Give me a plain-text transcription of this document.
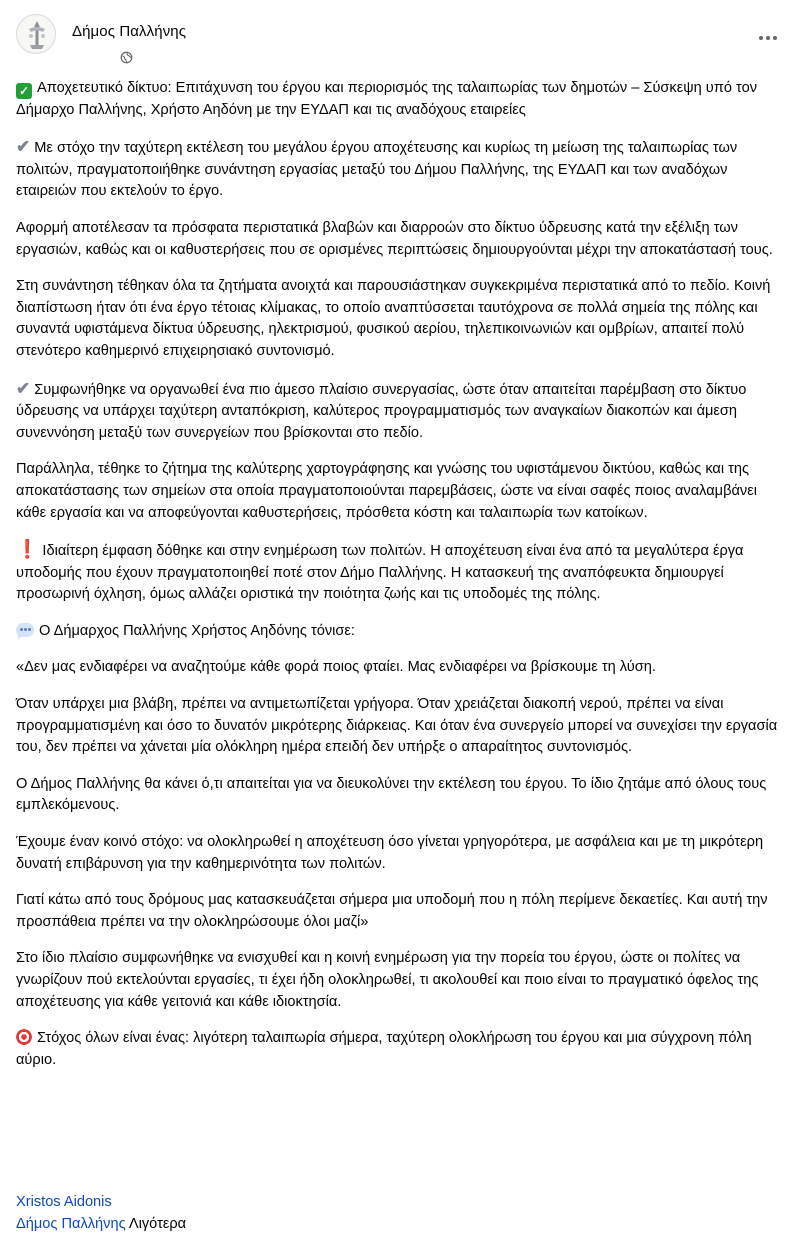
Δήμος Παλλήνης

✓ Αποχετευτικό δίκτυο: Επιτάχυνση του έργου και περιορισμός της ταλαιπωρίας των δημοτών – Σύσκεψη υπό τον Δήμαρχο Παλλήνης, Χρήστο Αηδόνη με την ΕΥΔΑΠ και τις αναδόχους εταιρείες

✔ Με στόχο την ταχύτερη εκτέλεση του μεγάλου έργου αποχέτευσης και κυρίως τη μείωση της ταλαιπωρίας των πολιτών, πραγματοποιήθηκε συνάντηση εργασίας μεταξύ του Δήμου Παλλήνης, της ΕΥΔΑΠ και των αναδόχων εταιρειών που εκτελούν το έργο.

Αφορμή αποτέλεσαν τα πρόσφατα περιστατικά βλαβών και διαρροών στο δίκτυο ύδρευσης κατά την εξέλιξη των εργασιών, καθώς και οι καθυστερήσεις που σε ορισμένες περιπτώσεις δημιουργούνται μέχρι την αποκατάστασή τους.

Στη συνάντηση τέθηκαν όλα τα ζητήματα ανοιχτά και παρουσιάστηκαν συγκεκριμένα περιστατικά από το πεδίο. Κοινή διαπίστωση ήταν ότι ένα έργο τέτοιας κλίμακας, το οποίο αναπτύσσεται ταυτόχρονα σε πολλά σημεία της πόλης και συναντά υφιστάμενα δίκτυα ύδρευσης, ηλεκτρισμού, φυσικού αερίου, τηλεπικοινωνιών και ομβρίων, απαιτεί πολύ στενότερο καθημερινό επιχειρησιακό συντονισμό.

✔ Συμφωνήθηκε να οργανωθεί ένα πιο άμεσο πλαίσιο συνεργασίας, ώστε όταν απαιτείται παρέμβαση στο δίκτυο ύδρευσης να υπάρχει ταχύτερη ανταπόκριση, καλύτερος προγραμματισμός των αναγκαίων διακοπών και άμεση συνεννόηση μεταξύ των συνεργείων που βρίσκονται στο πεδίο.

Παράλληλα, τέθηκε το ζήτημα της καλύτερης χαρτογράφησης και γνώσης του υφιστάμενου δικτύου, καθώς και της αποκατάστασης των σημείων στα οποία πραγματοποιούνται παρεμβάσεις, ώστε να είναι σαφές ποιος αναλαμβάνει κάθε εργασία και να αποφεύγονται καθυστερήσεις, πρόσθετα κόστη και ταλαιπωρία των κατοίκων.

❗ Ιδιαίτερη έμφαση δόθηκε και στην ενημέρωση των πολιτών. Η αποχέτευση είναι ένα από τα μεγαλύτερα έργα υποδομής που έχουν πραγματοποιηθεί ποτέ στον Δήμο Παλλήνης. Η κατασκευή της αναπόφευκτα δημιουργεί προσωρινή όχληση, όμως αλλάζει οριστικά την ποιότητα ζωής και τις υποδομές της πόλης.

Ο Δήμαρχος Παλλήνης Χρήστος Αηδόνης τόνισε:

«Δεν μας ενδιαφέρει να αναζητούμε κάθε φορά ποιος φταίει. Μας ενδιαφέρει να βρίσκουμε τη λύση.

Όταν υπάρχει μια βλάβη, πρέπει να αντιμετωπίζεται γρήγορα. Όταν χρειάζεται διακοπή νερού, πρέπει να είναι προγραμματισμένη και όσο το δυνατόν μικρότερης διάρκειας. Και όταν ένα συνεργείο μπορεί να συνεχίσει την εργασία του, δεν πρέπει να χάνεται μία ολόκληρη ημέρα επειδή δεν υπήρξε ο απαραίτητος συντονισμός.

Ο Δήμος Παλλήνης θα κάνει ό,τι απαιτείται για να διευκολύνει την εκτέλεση του έργου. Το ίδιο ζητάμε από όλους τους εμπλεκόμενους.

Έχουμε έναν κοινό στόχο: να ολοκληρωθεί η αποχέτευση όσο γίνεται γρηγορότερα, με ασφάλεια και με τη μικρότερη δυνατή επιβάρυνση για την καθημερινότητα των πολιτών.

Γιατί κάτω από τους δρόμους μας κατασκευάζεται σήμερα μια υποδομή που η πόλη περίμενε δεκαετίες. Και αυτή την προσπάθεια πρέπει να την ολοκληρώσουμε όλοι μαζί»

Στο ίδιο πλαίσιο συμφωνήθηκε να ενισχυθεί και η κοινή ενημέρωση για την πορεία του έργου, ώστε οι πολίτες να γνωρίζουν πού εκτελούνται εργασίες, τι έχει ήδη ολοκληρωθεί, τι ακολουθεί και ποιο είναι το πραγματικό όφελος της αποχέτευσης για κάθε γειτονιά και κάθε ιδιοκτησία.

Στόχος όλων είναι ένας: λιγότερη ταλαιπωρία σήμερα, ταχύτερη ολοκλήρωση του έργου και μια σύγχρονη πόλη αύριο.

Xristos Aidonis
Δήμος Παλλήνης Λιγότερα
